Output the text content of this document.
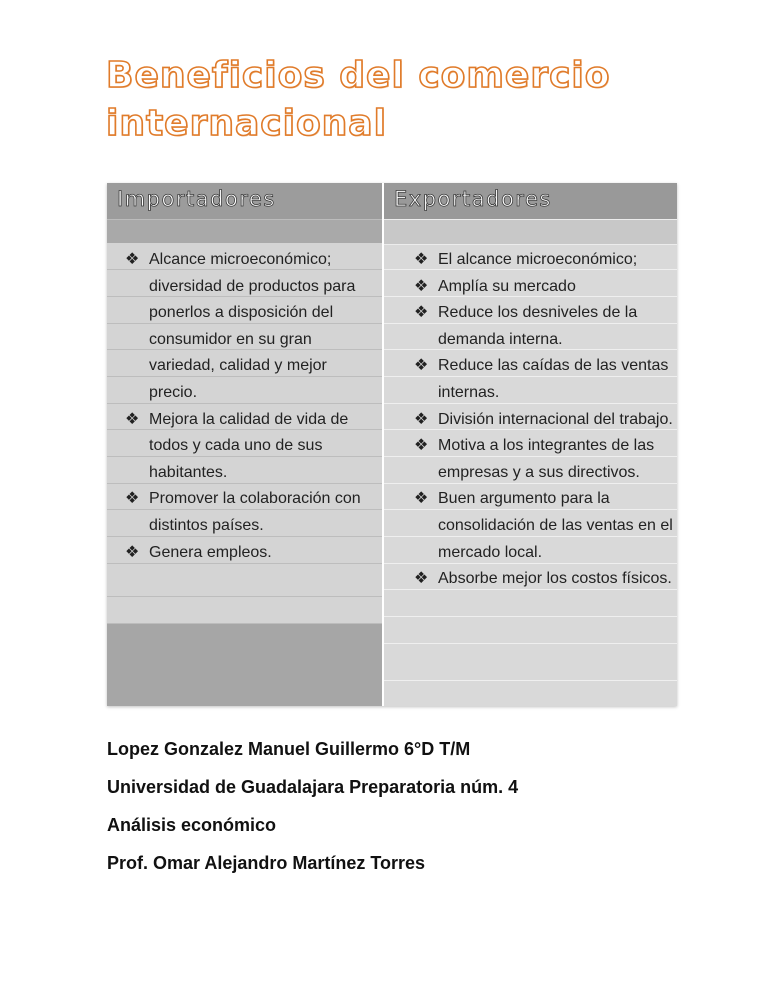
Beneficios del comercio internacional
Importadores
❖ Alcance microeconómico; diversidad de productos para ponerlos a disposición del consumidor en su gran variedad, calidad y mejor precio.
❖ Mejora la calidad de vida de todos y cada uno de sus habitantes.
❖ Promover la colaboración con distintos países.
❖ Genera empleos.
Exportadores
❖ El alcance microeconómico;
❖ Amplía su mercado
❖ Reduce los desniveles de la demanda interna.
❖ Reduce las caídas de las ventas internas.
❖ División internacional del trabajo.
❖ Motiva a los integrantes de las empresas y a sus directivos.
❖ Buen argumento para la consolidación de las ventas en el mercado local.
❖ Absorbe mejor los costos físicos.
Lopez Gonzalez Manuel Guillermo 6°D T/M
Universidad de Guadalajara Preparatoria núm. 4
Análisis económico
Prof. Omar Alejandro Martínez Torres
